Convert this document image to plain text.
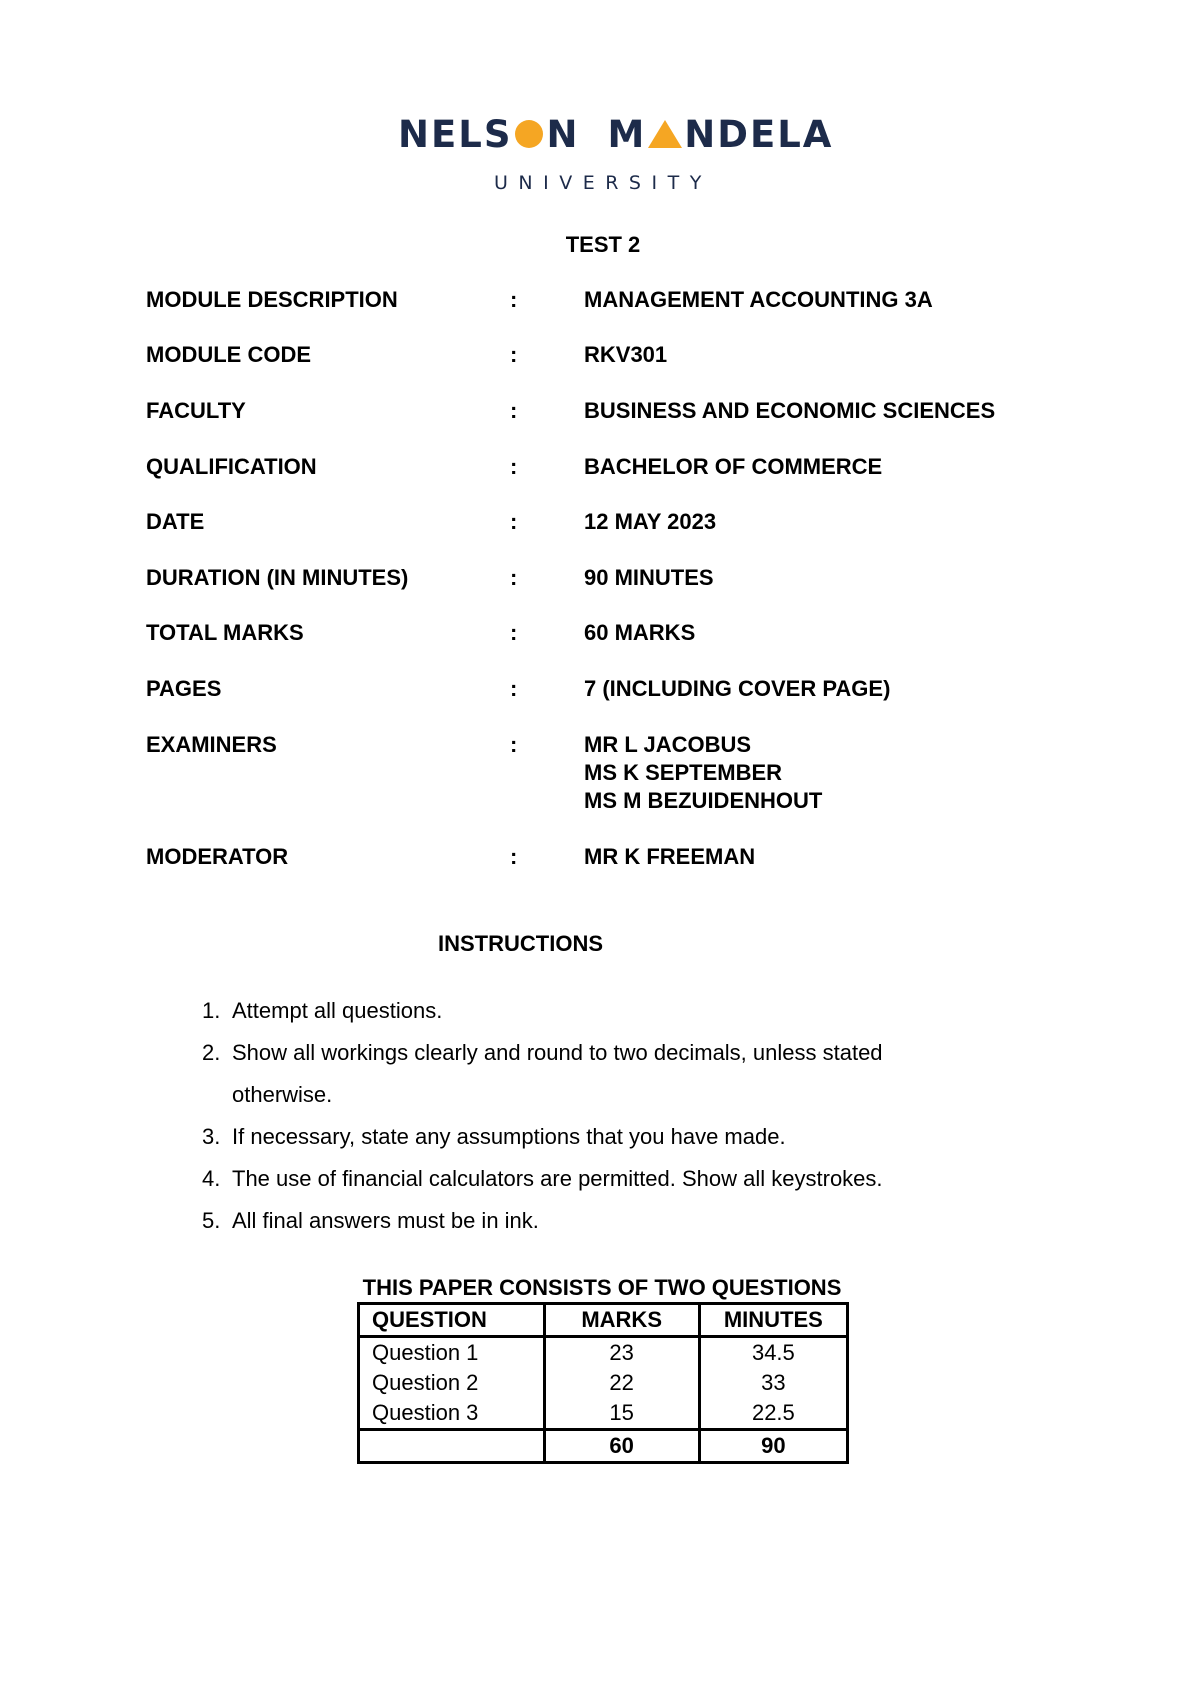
NELS N M NDELA
UNIVERSITY
TEST 2
MODULE DESCRIPTION	:	MANAGEMENT ACCOUNTING 3A
MODULE CODE	:	RKV301
FACULTY	:	BUSINESS AND ECONOMIC SCIENCES
QUALIFICATION	:	BACHELOR OF COMMERCE
DATE	:	12 MAY 2023
DURATION (IN MINUTES)	:	90 MINUTES
TOTAL MARKS	:	60 MARKS
PAGES	:	7 (INCLUDING COVER PAGE)
EXAMINERS	:	MR L JACOBUS
MS K SEPTEMBER
MS M BEZUIDENHOUT
MODERATOR	:	MR K FREEMAN
INSTRUCTIONS
1. Attempt all questions.
2. Show all workings clearly and round to two decimals, unless stated otherwise.
3. If necessary, state any assumptions that you have made.
4. The use of financial calculators are permitted. Show all keystrokes.
5. All final answers must be in ink.
THIS PAPER CONSISTS OF TWO QUESTIONS
QUESTION	MARKS	MINUTES
Question 1	23	34.5
Question 2	22	33
Question 3	15	22.5
	60	90
